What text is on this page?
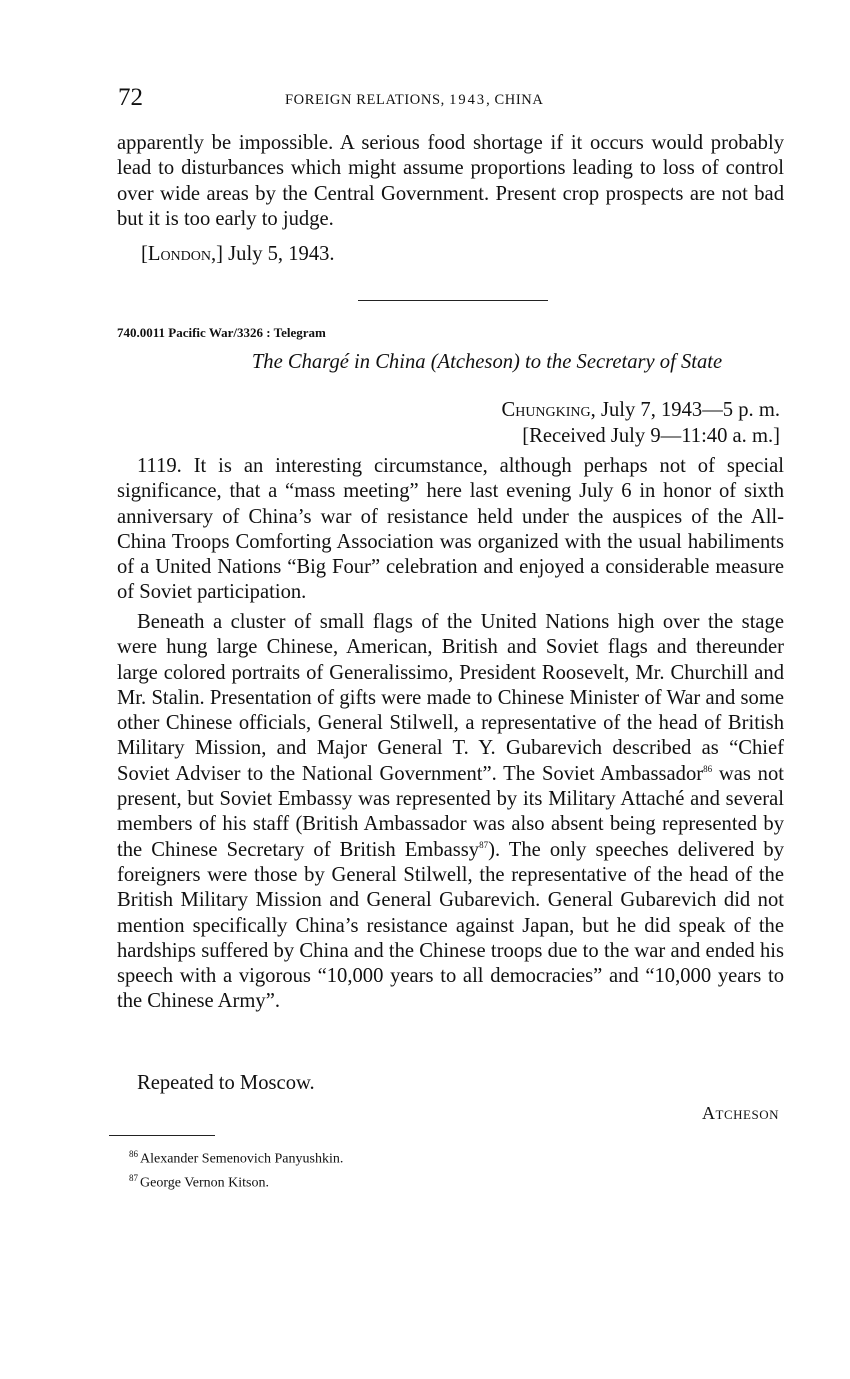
72	FOREIGN RELATIONS, 1943, CHINA
apparently be impossible. A serious food shortage if it occurs would probably lead to disturbances which might assume proportions leading to loss of control over wide areas by the Central Government. Present crop prospects are not bad but it is too early to judge.
[London,] July 5, 1943.
740.0011 Pacific War/3326 : Telegram
The Chargé in China (Atcheson) to the Secretary of State
Chungking, July 7, 1943—5 p. m.
[Received July 9—11:40 a. m.]
1119. It is an interesting circumstance, although perhaps not of special significance, that a “mass meeting” here last evening July 6 in honor of sixth anniversary of China’s war of resistance held under the auspices of the All-China Troops Comforting Association was organized with the usual habiliments of a United Nations “Big Four” celebration and enjoyed a considerable measure of Soviet participation.
Beneath a cluster of small flags of the United Nations high over the stage were hung large Chinese, American, British and Soviet flags and thereunder large colored portraits of Generalissimo, President Roosevelt, Mr. Churchill and Mr. Stalin. Presentation of gifts were made to Chinese Minister of War and some other Chinese officials, General Stilwell, a representative of the head of British Military Mission, and Major General T. Y. Gubarevich described as “Chief Soviet Adviser to the National Government”. The Soviet Ambassador$^{86}$ was not present, but Soviet Embassy was represented by its Military Attaché and several members of his staff (British Ambassador was also absent being represented by the Chinese Secretary of British Embassy$^{87}$). The only speeches delivered by foreigners were those by General Stilwell, the representative of the head of the British Military Mission and General Gubarevich. General Gubarevich did not mention specifically China’s resistance against Japan, but he did speak of the hardships suffered by China and the Chinese troops due to the war and ended his speech with a vigorous “10,000 years to all democracies” and “10,000 years to the Chinese Army”.
Repeated to Moscow.
Atcheson
$^{86}$ Alexander Semenovich Panyushkin.
$^{87}$ George Vernon Kitson.
